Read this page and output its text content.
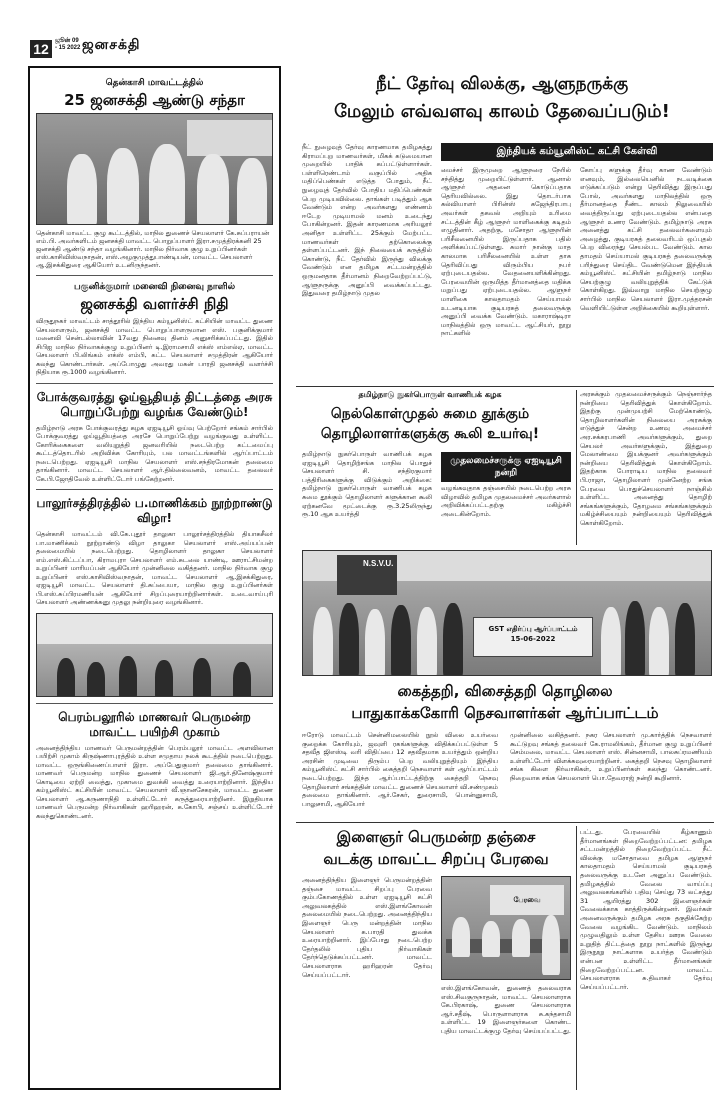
12	ஜூன் 09 - 15 2022 ஜனசக்தி
தென்காசி மாவட்டத்தில்
25 ஜனசக்தி ஆண்டு சந்தா
தென்காசி மாவட்ட குழு கூட்டத்தில், மாநில துணைச் செயலாளர் கே.சுப்பராயன் எம்.பி. அவர்களிடம் ஜனசக்தி மாவட்ட பொறுப்பாளர் இரா.சமுத்திரக்கனி 25 ஜனசக்தி ஆண்டு சந்தா வழங்கினார். மாநில நிர்வாக குழு உறுப்பினர்கள் எஸ்.காசிவிஸ்வநாதன், எஸ்.அழகுமுத்துபாண்டியன், மாவட்ட செயலாளர் ஆ.இசக்கிதுரை ஆகியோர் உடனிருந்தனர்.
பகுனிக்குமார் மனைவி நினைவு நாளில்
ஜனசக்தி வளர்ச்சி நிதி
விருதுநகர் மாவட்டம் சாத்தூரில் இந்திய கம்யூனிஸ்ட் கட்சியின் மாவட்ட துணை செயலாளரும், ஜனசக்தி மாவட்ட பொறுப்பாளருமான எஸ். பகுனிக்குமார் மனைவி சென்டல்லாவின் 17வது நினைவு தினம் அனுசரிக்கப்பட்டது. இதில் சிபிஐ மாநில நிர்வாகக்குழு உறுப்பினர் டி.இராமசாமி எக்ஸ் எம்எல்ஏ, மாவட்ட செயலாளர் பி.லிங்கம் எக்ஸ் எம்பி, கட்ட செயலாளர் சமுத்திரன் ஆகியோர் கலந்து கொண்டார்கள். அப்போழுது அவரது மகன் பாரதி ஜனசக்தி வளர்ச்சி நிதியாக ரூ.1000 வழங்கினார்.
போக்குவரத்து ஓய்வூதியத் திட்டத்தை அரசு பொறுப்பேற்று வழங்க வேண்டும்!
தமிழ்நாடு அரசு போக்குவரத்து கழக ஏஐடியூசி ஓய்வு பெற்றோர் சங்கம் சார்பில் போக்குவரத்து ஓய்வூதியத்தை அரசே பொறுப்பேற்று வழங்குவது உள்ளிட்ட கோரிக்கைகளை வலியுறுத்தி ஜனவரியில் நடைபெற்ற கட்டமைப்பு கூட்டத்தொடரில் அறிவிக்க கோரியும், பல மாவட்டங்களில் ஆர்ப்பாட்டம் நடைபெற்றது. ஏஐடியூசி மாநில செயலாளர் எஸ்.சந்திரமோகன் தலைமை தாங்கினார். மாவட்ட செயலாளர் ஆர்.தில்லைவனம், மாவட்ட தலைவர் கே.பி.ஜோதிவேல் உள்ளிட்டோர் பங்கேற்றனர்.
பாலூர்சத்திரத்தில் ப.மாணிக்கம் நூற்றாண்டு விழா!
தென்காசி மாவட்டம் வி.கே.புதூர் தாலுகா பாலூர்சத்திரத்தில் தியாகசீலர் பா.மாணிக்கம் நூற்றாண்டு விழா தாலுகா செயலாளர் எஸ்.அய்யப்பன் தலைமையில் நடைபெற்றது. தொழிலாளர் தாலுகா செயலாளர் எம்.எஸ்.கிட்டப்பா, கிராமபுரா செயலாளர் எம்.சுடலை யாண்டி, ஊராட்சிமன்ற உறுப்பினர் மாரியப்பன் ஆகியோர் முன்னிலை வகித்தனர். மாநில நிர்வாக குழு உறுப்பினர் எஸ்.காசிவிஸ்வநாதன், மாவட்ட செயலாளர் ஆ.இசக்கிதுரை, ஏஐடியூசி மாவட்ட செயலாளர் தி.சுப்பையா, மாநில குழு உறுப்பினர்கள் பி.எஸ்.சுப்பிரமணியன் ஆகியோர் சிறப்புரையாற்றினார்கள். உடைவாய்புரி செயலாளர் அண்ணக்கனு முதலு நன்றியுரை வழங்கினார்.
பெரம்பலூரில் மாணவர் பெருமன்ற மாவட்ட பயிற்சி முகாம்
அனைத்திந்திய மாணவர் பெருமன்றத்தின் பெரம்பலூர் மாவட்ட அளவிலான பயிற்சி முகாம் கிருஷ்ணாபுரத்தில் உள்ள சமுதாய நலக் கூடத்தில் நடைபெற்றது. மாவட்ட ஒருங்கிணைப்பாளர் இரா. அப்பேதுகுமார் தலைமை தாங்கினார். மாணவர் பெருமன்ற மாநில துணைச் செயலாளர் ஜி.ஆர்.தினேஷ்குமார் கொடியை ஏற்றி வைத்து, முகாமை துவக்கி வைத்து உரையாற்றினார். இந்திய கம்யூனிஸ்ட் கட்சியின் மாவட்ட செயலாளர் வீ.ஞானசேகரன், மாவட்ட துணை செயலாளர் ஆ.கருணாநிதி உள்ளிட்டோர் கருத்துரையாற்றினர். இறுதியாக மாணவர் பெருமன்ற நிர்வாகிகள் ஹரிஹரன், க.கோபி, சஞ்சய் உள்ளிட்டோர் கலந்துகொண்டனர்.
நீட் தேர்வு விலக்கு, ஆளுநருக்கு
மேலும் எவ்வளவு காலம் தேவைப்படும்!
இந்தியக் கம்யூனிஸ்ட் கட்சி கேள்வி
நீட் நுழைவுத் தேர்வு காரணமாக தமிழகத்து கிராமப்புற மாணவர்கள், மிகக் கடுமையான முறையில் பாதிக் கப்பட்டுள்ளார்கள். பள்ளிரெண்டாம் வகுப்பில் அதிக மதிப்பெண்கள் எடுத்த போதும், நீட் நுழைவுத் தேர்வில் போதிய மதிப்பெண்கள் பெற முடியவில்லை. தாங்கள் படித்தும் ஆக வேண்டும் என்ற அவர்களது எண்ணம் ஈடேற முடியாமல் மனம் உடைந்து போகின்றனர். இதன் காரணமாக அரியலூர் அனிதா உள்ளிட்ட 25க்கும் மேற்பட்ட மாணவர்கள் தற்கொலைக்கு தள்ளப்பட்டனர். இந் நிலையைக் கருத்தில் கொண்டு, நீட் தேர்வில் இருந்து விலக்கு வேண்டும் என தமிழக சட்டமன்றத்தில் ஒருமனதாக தீர்மானம் நிறைவேற்றப்பட்டு, ஆளுநருக்கு அனுப்பி வைக்கப்பட்டது. இதுவரை தமிழ்நாடு முதல
மைச்சர் இருமுறை ஆளுநரை நேரில் சந்தித்து முறையிட்டுள்ளார். ஆனால் ஆளுநர் அதனை கொடுப்பதாக தெரியவில்லை. இது தொடர்பாக கல்வியாளர் பிரின்ஸ் கஜேந்திரபாபு அவர்கள் தகவல் அறியும் உரிமை சட்டத்தின் கீழ் ஆளுநர் மாளிகைக்கு கடிதம் எழுதினார். அதற்கு, மசோதா ஆளுநரின் பரிசீலனையில் இருப்பதாக பதில் அளிக்கப்பட்டுள்ளது. சுமார் நான்கு மாத காலமாக பரிசீலனையில் உள்ள தாக தெரிவிப்பது விரும்பிய நபர் ஏற்புடையதல்ல. வேதனையளிக்கின்றது. பேரவையின் ஒருமித்த தீர்மானத்தை மதிக்க மறுப்பது ஏற்புடையதல்ல. ஆளுநர் மாளிகை காலதாமதம் செய்யாமல் உடனடியாக குடியரசுத் தலைவருக்கு அனுப்பி வைக்க வேண்டும். மகாராஷ்டிரா மாநிலத்தில் ஒரு மாவட்ட ஆட்சியர், நூறு நாட்களில்
கோப்பு களுக்கு தீர்வு காண வேண்டும் எனவும், இல்லையெனில் நடவடிக்கை எடுக்கப்படும் என்று தெரிவித்து இருப்பது போல், அவர்களது மாநிலத்தில் ஒரு தீர்மானத்தை நீண்ட காலம் நிலுவையில் வைத்திருப்பது ஏற்புடையதல்ல என்பதை ஆளுநர் உணர வேண்டும். தமிழ்நாடு அரசு அனைத்து கட்சி தலைவர்களையும் அழைத்து, குடியரசுத் தலைவரிடம் ஒப்புதல் பெற விரைந்து செயல்பட வேண்டும். கால தாமதம் செய்யாமல் குடியரசுத் தலைவருக்கு பரிந்துரை செய்திட வேண்டுமென இந்தியக் கம்யூனிஸ்ட் கட்சியின் தமிழ்நாடு மாநில செயற்குழு வலியுறுத்திக் கேட்டுக் கொள்கிறது. இவ்வாறு மாநில செயற்குழு சார்பில் மாநில செயலாளர் இரா.முத்தரசன் வெளியிட்டுள்ள அறிக்கையில் கூறியுள்ளார்.
தமிழ்நாடு நுகர்பொருள் வாணிபக் கழக
நெல்கொள்முதல் சுமை தூக்கும்
தொழிலாளர்களுக்கு கூலி உயர்வு!
தமிழ்நாடு நுகர்பொருள் வாணிபக் கழக ஏஐடியூசி தொழிற்சங்க மாநில பொதுச் செயலாளர் சி. சந்திரகுமார் பத்திரிகைகளுக்கு விடுக்கும் அறிக்கை: தமிழ்நாடு நுகர்பொருள் வாணிபக் கழக சுமை தூக்கும் தொழிலாளர் களுக்கான கூலி ஏற்கனவே மூட்டைக்கு ரூ.3.25லிருந்து ரூ.10 ஆக உயர்த்தி
முதலமைச்சருக்கு ஏஐடியூசி நன்றி
வழங்கவுதாக தஞ்சையில் நடைபெற்ற அரசு விழாவில் தமிழக முதலமைச்சர் அவர்களால் அறிவிக்கப்பட்டதற்கு மகிழ்ச்சி அடைகின்றோம்.
அரசுக்கும் முதலமைச்சருக்கும் நெஞ்சார்ந்த நன்றியை தெரிவித்துக் கொள்கிறோம். இதற்கு முன்முயற்சி மேற்கொண்டு, தொழிலாளர்களின் நிலையை அரசுக்கு எடுத்துச் சென்ற உணவு அமைச்சர் அர.சக்கரபாணி அவர்களுக்கும், துறை செயலர் அவர்களுக்கும், இத்துறை மேலாண்மை இயக்குனர் அவர்களுக்கும் நன்றியை தெரிவித்துக் கொள்கிறோம். இதற்காக போராடிய மாநில தலைவர் பி.ராஜா, தொழிலாளர் முன்னேற்ற சங்க பேரவை பொதுச்செயலாளர் நாஞ்சில் உள்ளிட்ட அனைத்து தொழிற் சங்கங்களுக்கும், தோழமை சங்கங்களுக்கும் மகிழ்ச்சியையும் நன்றியையும் தெரிவித்துக் கொள்கிறோம்.
N.S.V.U.
GST எதிர்ப்பு ஆர்ப்பாட்டம்
15-06-2022
கைத்தறி, விசைத்தறி தொழிலை
பாதுகாக்ககோரி நெசவாளர்கள் ஆர்ப்பாட்டம்
ஈரோடு மாவட்டம் சென்னிமலையில் நூல் விலை உயர்வை குறைக்க கோரியும், ஜவுளி ரகங்களுக்கு விதிக்கப்பட்டுள்ள 5 சதவீத ஜிஎஸ்டி வரி விதிப்பை 12 சதவீதமாக உயர்த்தும் ஒன்றிய அரசின் முடிவை திரும்ப பெற வலியுறுத்தியும் இந்திய கம்யூனிஸ்ட் கட்சி சார்பில் கைத்தறி நெசவாளர் கள் ஆர்ப்பாட்டம் நடைபெற்றது. இந்த ஆர்ப்பாட்டத்திற்கு கைத்தறி நெசவு தொழிலாளர் சங்கத்தின் மாவட்ட துணைச் செயலாளர் வி.சண்முகம் தலைமை தாங்கினார். ஆர்.சேகர், துரைசாமி, பொன்னுசாமி, பாலுசாமி, ஆகியோர்
முன்னிலை வகித்தனர். நகர செயலாளர் மு.கார்த்திக் நெசவாளர் கூட்டுறவு சங்கத் தலைவர் கே.ராமலிங்கம், தீர்மான குழு உறுப்பினர் செம்மலை, மாவட்ட செயலாளர் எஸ். சின்னசாமி, பாலசுப்ரமணியம் உள்ளிட்டோர் விளக்கவுரையாற்றினர். கைத்தறி நெசவு தொழிலாளர் சங்க கிளை நிர்வாகிகள், உறுப்பினர்கள் கலந்து கொண்டனர். நிறைவாக சங்க செயலாளர் பொ.தேவராஜ் நன்றி கூறினார்.
இளைஞர் பெருமன்ற தஞ்சை
வடக்கு மாவட்ட சிறப்பு பேரவை
அனைத்திந்திய இளைஞர் பெருமன்றத்தின் தஞ்சை மாவட்ட சிறப்பு பேரவை கும்பகோணத்தில் உள்ள ஏஐடியூசி கட்சி அலுவலகத்தில் எஸ்.இளங்கோவன் தலைமையில் நடைபெற்றது. அனைத்திந்திய இளைஞர் பெரு மன்றத்தின் மாநில செயலாளர் க.பாரதி துவக்க உரையாற்றினார். இப்போது நடைபெற்ற தேர்தலில் புதிய நிர்வாகிகள் தேர்ந்தெடுக்கப்பட்டனர். மாவட்ட செயலாளராக ஹரிஹரன் தேர்வு செய்யப்பட்டார்.
பேரவை
எஸ்.இளங்கோவன், துணைத் தலைவராக எஸ்.சிவகுருநாதன், மாவட்ட செயலாளராக கே.பிரகாஷ், துணை செயலாளராக ஆர்.சதீஷ், பொருளாளராக சு.கந்தசாமி உள்ளிட்ட 19 இளைஞர்களை கொண்ட புதிய மாவட்டக்குழு தேர்வு செய்யப்பட்டது.
பட்டது. பேரவையில் கீழ்காணும் தீர்மானங்கள் நிறைவேற்றப்பட்டன: தமிழக சட்டமன்றத்தில் நிறைவேற்றப்பட்ட நீட் விலக்கு மசோதாவை தமிழக ஆளுநர் காலதாமதம் செய்யாமல் குடியரசுத் தலைவருக்கு உடனே அனுப்ப வேண்டும். தமிழகத்தில் வேலை வாய்ப்பு அலுவலகங்களில் பதிவு செய்து 73 லட்சத்து 31 ஆயிரத்து 302 இளைஞர்கள் வேலைக்காக காத்திருக்கின்றனர். இவர்கள் அனைவருக்கும் தமிழக அரசு தகுதிக்கேற்ற வேலை வழங்கிட வேண்டும். மாநிலம் முழுவதிலும் உள்ள தேசிய ஊரக வேலை உறுதித் திட்டத்தை நூறு நாட்களில் இருந்து இருநூறு நாட்களாக உயர்த்த வேண்டும் என்பன உள்ளிட்ட தீர்மானங்கள் நிறைவேற்றப்பட்டன. மாவட்ட செயலாளராக சு.திவாகர் தேர்வு செய்யப்பட்டார்.
